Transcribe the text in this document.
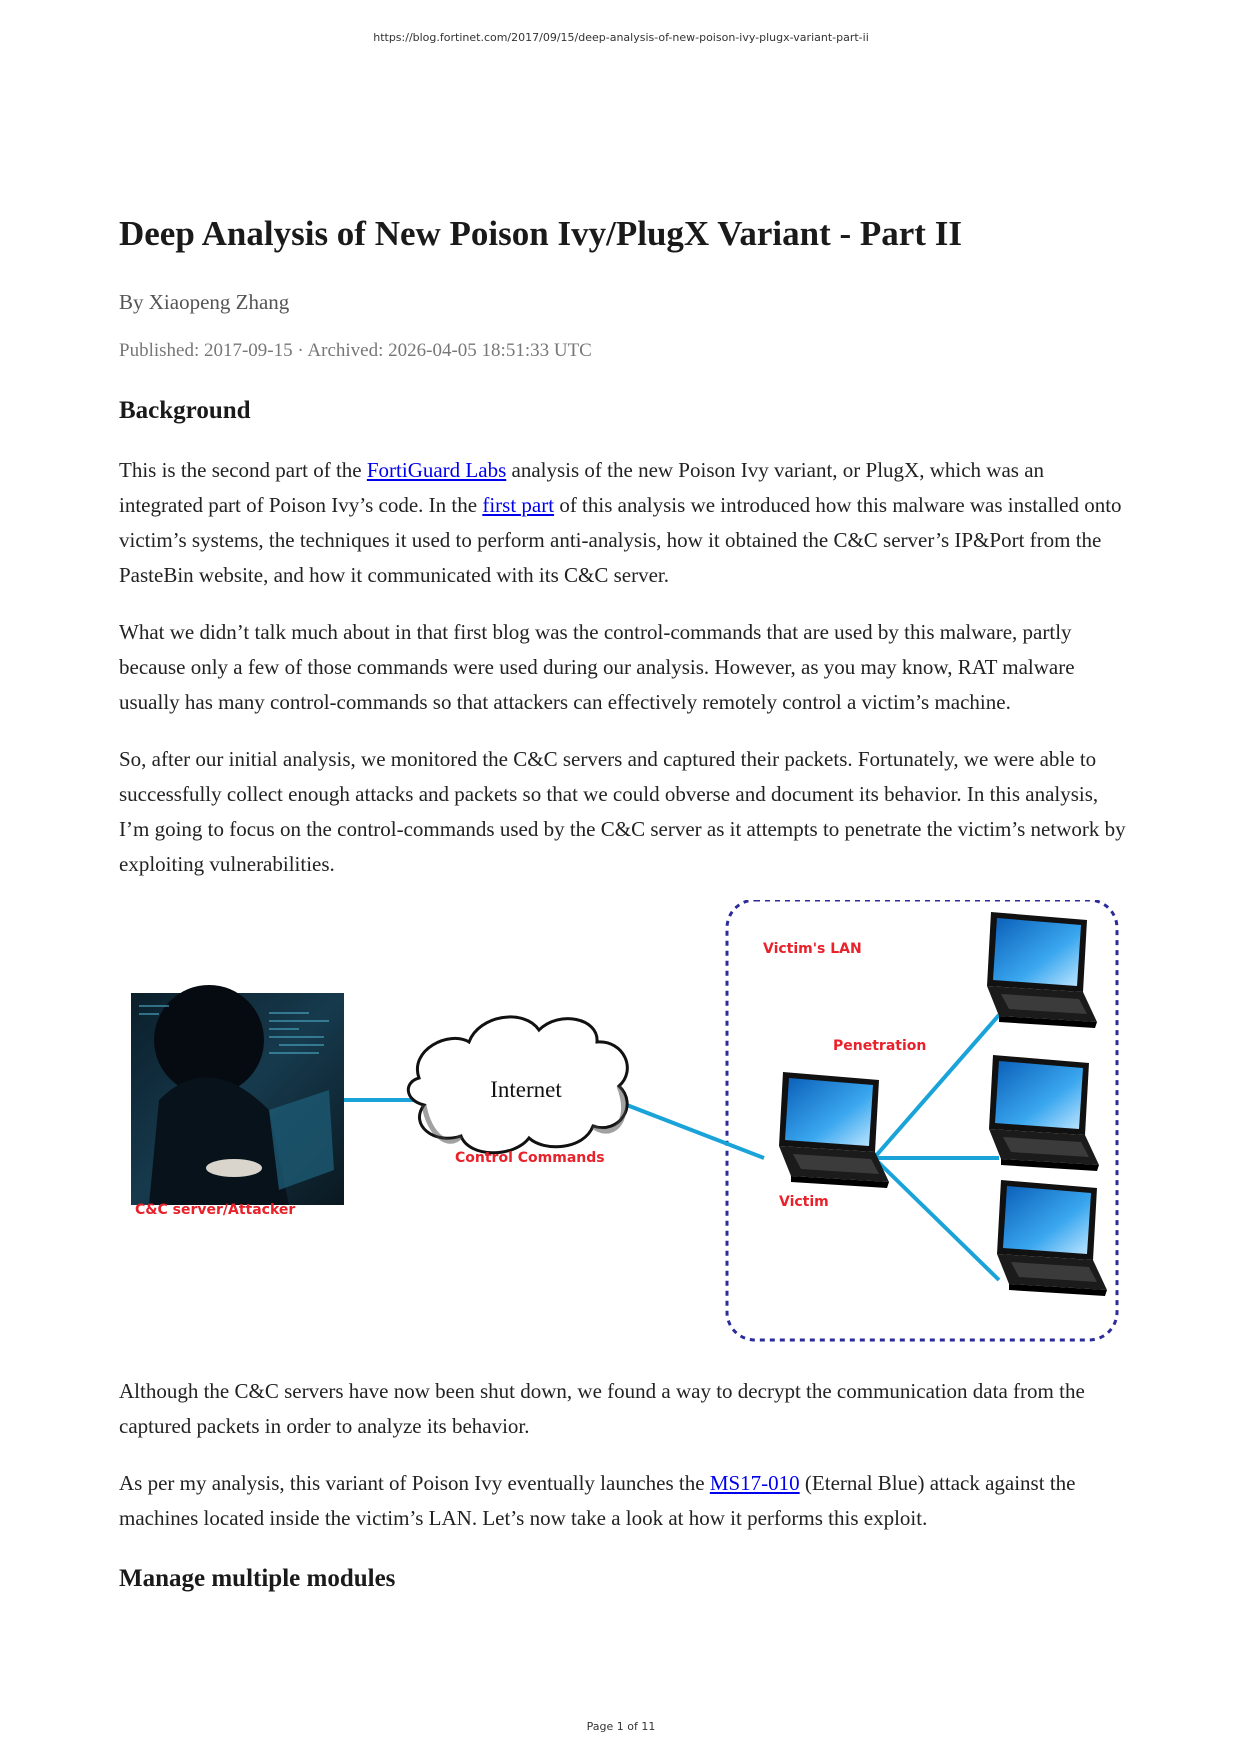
https://blog.fortinet.com/2017/09/15/deep-analysis-of-new-poison-ivy-plugx-variant-part-ii
Deep Analysis of New Poison Ivy/PlugX Variant - Part II
By Xiaopeng Zhang
Published: 2017-09-15 · Archived: 2026-04-05 18:51:33 UTC
Background

This is the second part of the FortiGuard Labs analysis of the new Poison Ivy variant, or PlugX, which was an integrated part of Poison Ivy’s code. In the first part of this analysis we introduced how this malware was installed onto victim’s systems, the techniques it used to perform anti-analysis, how it obtained the C&C server’s IP&Port from the PasteBin website, and how it communicated with its C&C server.

What we didn’t talk much about in that first blog was the control-commands that are used by this malware, partly because only a few of those commands were used during our analysis. However, as you may know, RAT malware usually has many control-commands so that attackers can effectively remotely control a victim’s machine.

So, after our initial analysis, we monitored the C&C servers and captured their packets. Fortunately, we were able to successfully collect enough attacks and packets so that we could obverse and document its behavior. In this analysis, I’m going to focus on the control-commands used by the C&C server as it attempts to penetrate the victim’s network by exploiting vulnerabilities.

Internet
Victim's LAN
Penetration
Control Commands
C&C server/Attacker	Victim

Although the C&C servers have now been shut down, we found a way to decrypt the communication data from the captured packets in order to analyze its behavior.

As per my analysis, this variant of Poison Ivy eventually launches the MS17-010 (Eternal Blue) attack against the machines located inside the victim’s LAN. Let’s now take a look at how it performs this exploit.

Manage multiple modules
Page 1 of 11
